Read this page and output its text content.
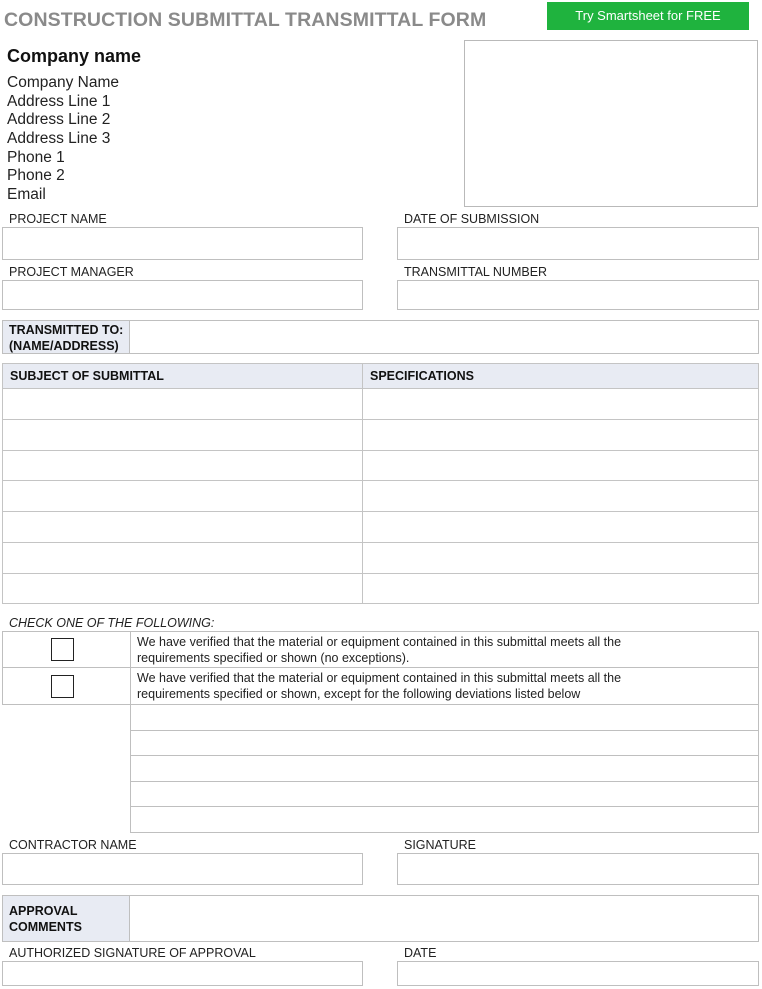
CONSTRUCTION SUBMITTAL TRANSMITTAL FORM	Try Smartsheet for FREE
Company name
Company Name
Address Line 1
Address Line 2
Address Line 3
Phone 1
Phone 2
Email
PROJECT NAME	DATE OF SUBMISSION
PROJECT MANAGER	TRANSMITTAL NUMBER
TRANSMITTED TO:
(NAME/ADDRESS)
SUBJECT OF SUBMITTAL	SPECIFICATIONS

CHECK ONE OF THE FOLLOWING:
We have verified that the material or equipment contained in this submittal meets all the
requirements specified or shown (no exceptions).
We have verified that the material or equipment contained in this submittal meets all the
requirements specified or shown, except for the following deviations listed below
CONTRACTOR NAME	SIGNATURE
APPROVAL
COMMENTS
AUTHORIZED SIGNATURE OF APPROVAL	DATE
